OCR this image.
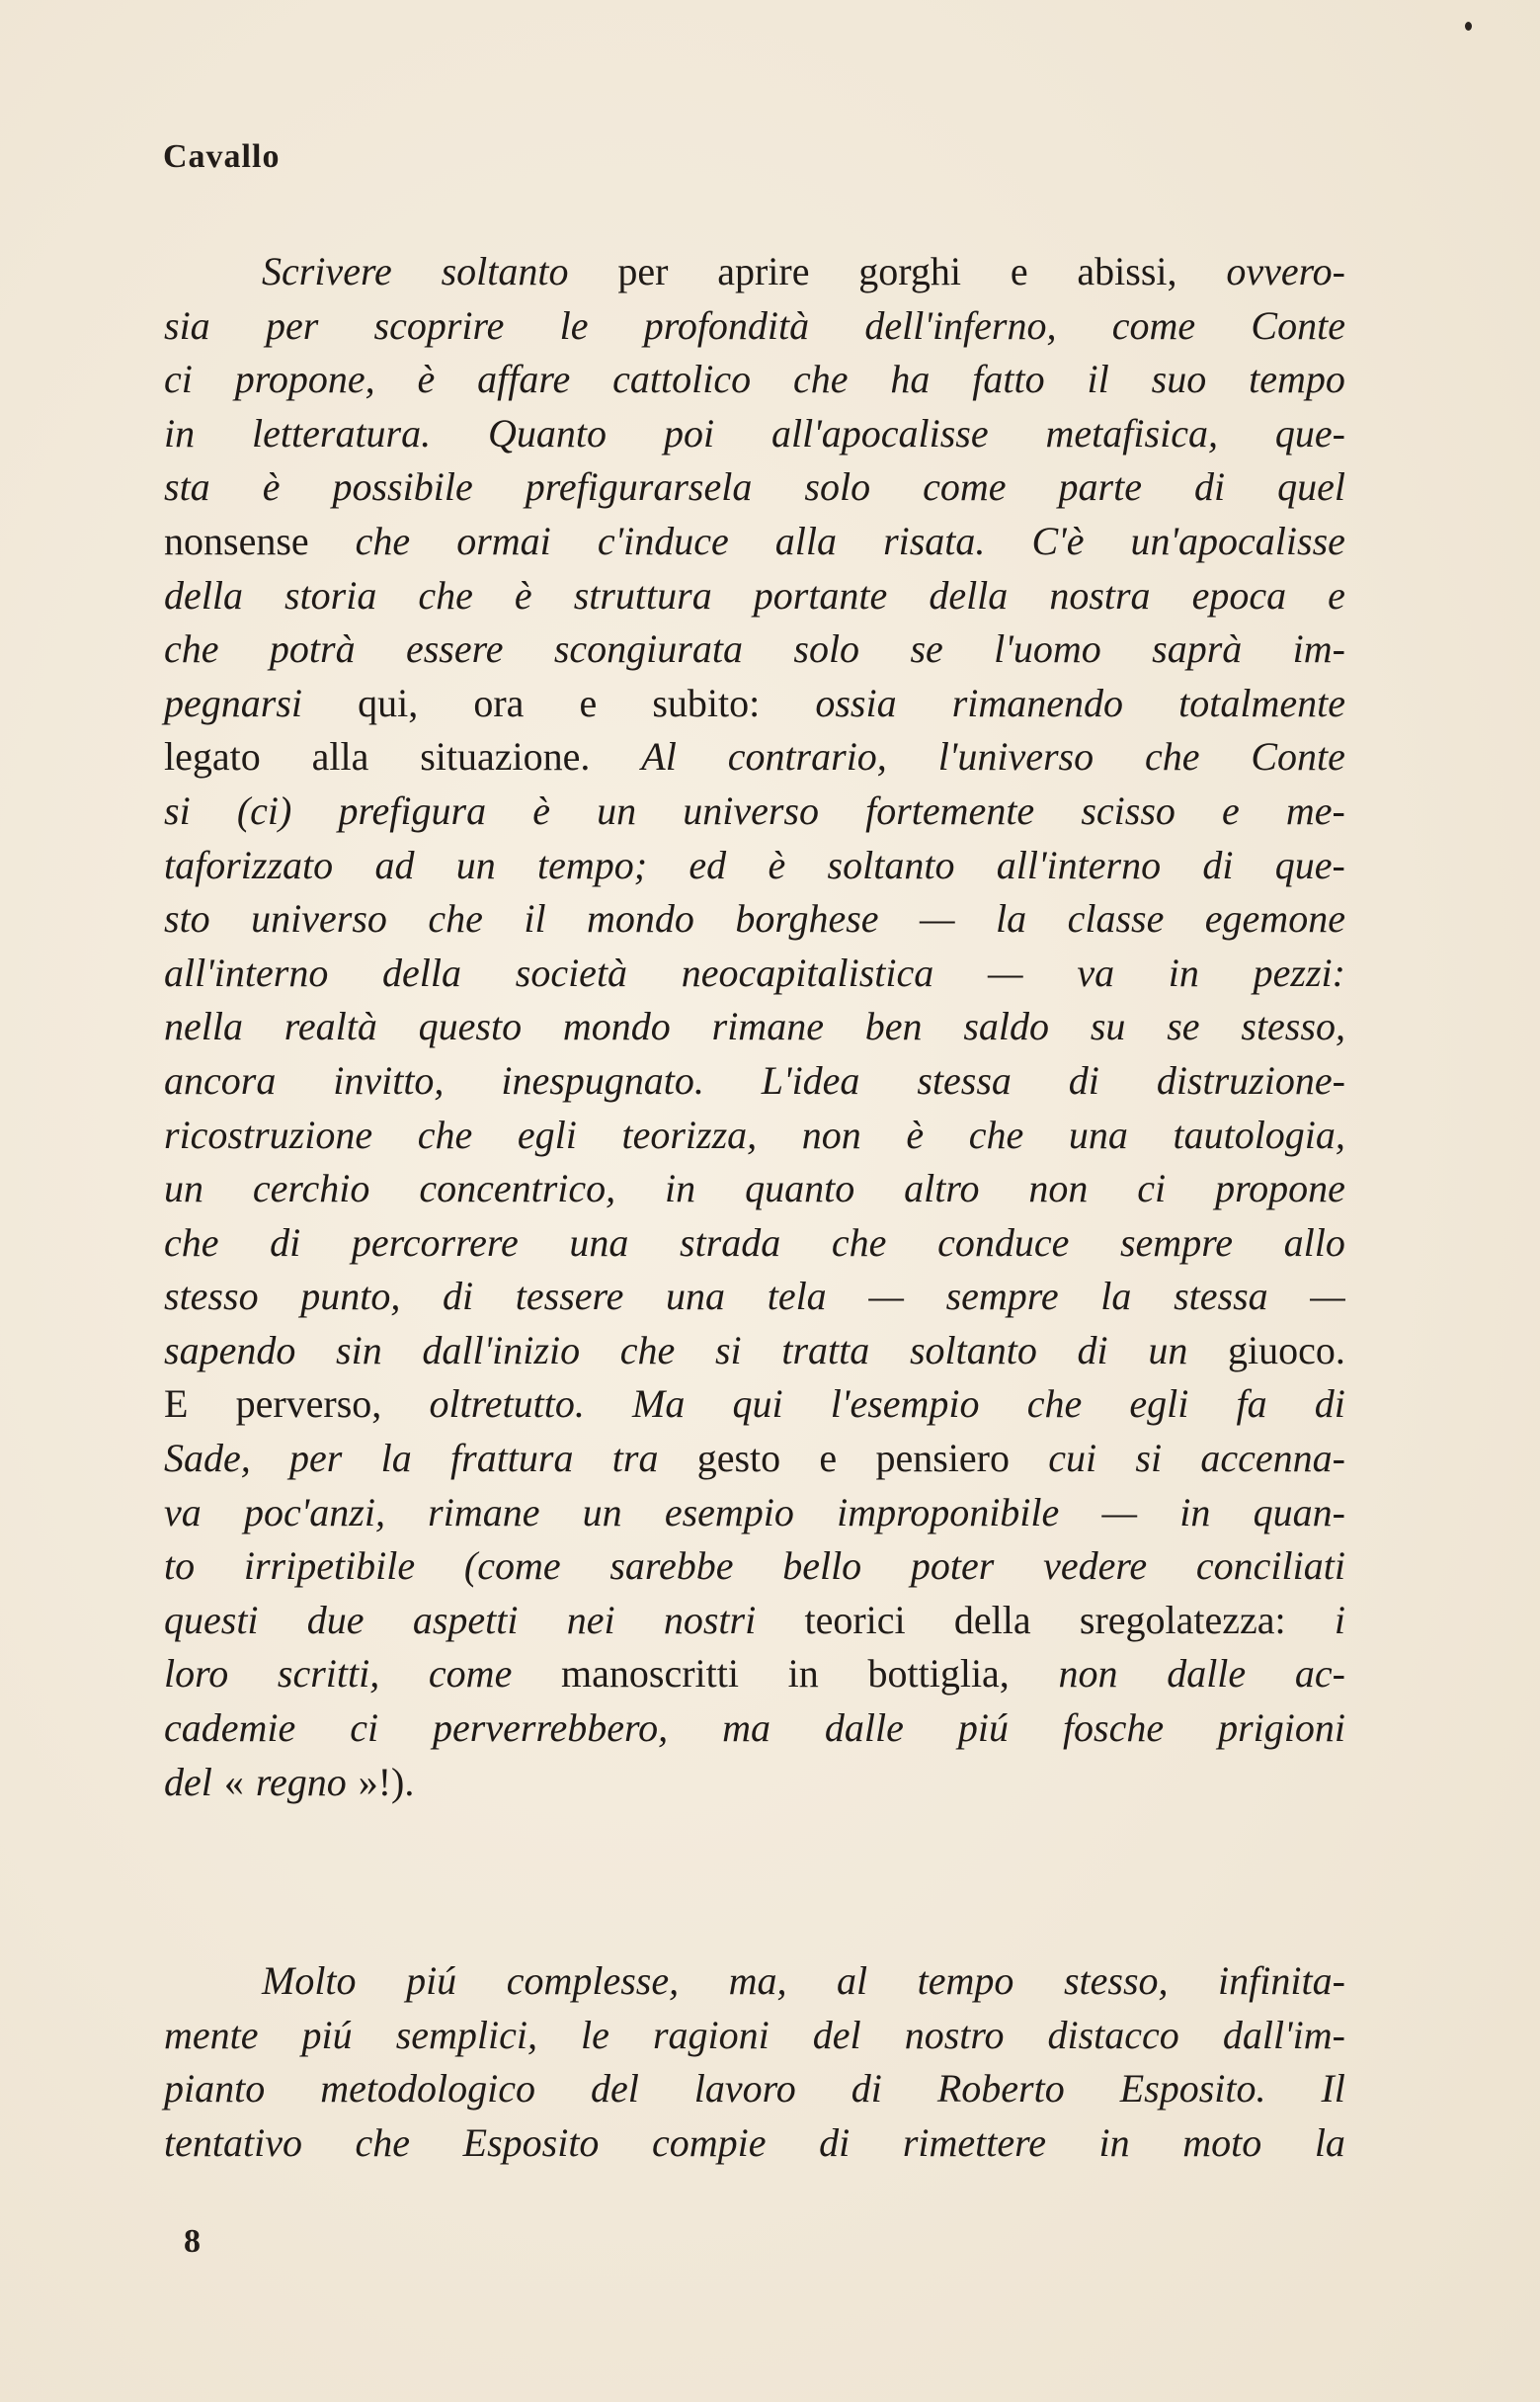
Cavallo
Scrivere soltanto per aprire gorghi e abissi, ovvero-
sia per scoprire le profondità dell'inferno, come Conte
ci propone, è affare cattolico che ha fatto il suo tempo
in letteratura. Quanto poi all'apocalisse metafisica, que-
sta è possibile prefigurarsela solo come parte di quel
nonsense che ormai c'induce alla risata. C'è un'apocalisse
della storia che è struttura portante della nostra epoca e
che potrà essere scongiurata solo se l'uomo saprà im-
pegnarsi qui, ora e subito: ossia rimanendo totalmente
legato alla situazione. Al contrario, l'universo che Conte
si (ci) prefigura è un universo fortemente scisso e me-
taforizzato ad un tempo; ed è soltanto all'interno di que-
sto universo che il mondo borghese — la classe egemone
all'interno della società neocapitalistica — va in pezzi:
nella realtà questo mondo rimane ben saldo su se stesso,
ancora invitto, inespugnato. L'idea stessa di distruzione-
ricostruzione che egli teorizza, non è che una tautologia,
un cerchio concentrico, in quanto altro non ci propone
che di percorrere una strada che conduce sempre allo
stesso punto, di tessere una tela — sempre la stessa —
sapendo sin dall'inizio che si tratta soltanto di un giuoco.
E perverso, oltretutto. Ma qui l'esempio che egli fa di
Sade, per la frattura tra gesto e pensiero cui si accenna-
va poc'anzi, rimane un esempio improponibile — in quan-
to irripetibile (come sarebbe bello poter vedere conciliati
questi due aspetti nei nostri teorici della sregolatezza: i
loro scritti, come manoscritti in bottiglia, non dalle ac-
cademie ci perverrebbero, ma dalle piú fosche prigioni
del « regno »!).
Molto piú complesse, ma, al tempo stesso, infinita-
mente piú semplici, le ragioni del nostro distacco dall'im-
pianto metodologico del lavoro di Roberto Esposito. Il
tentativo che Esposito compie di rimettere in moto la
8
